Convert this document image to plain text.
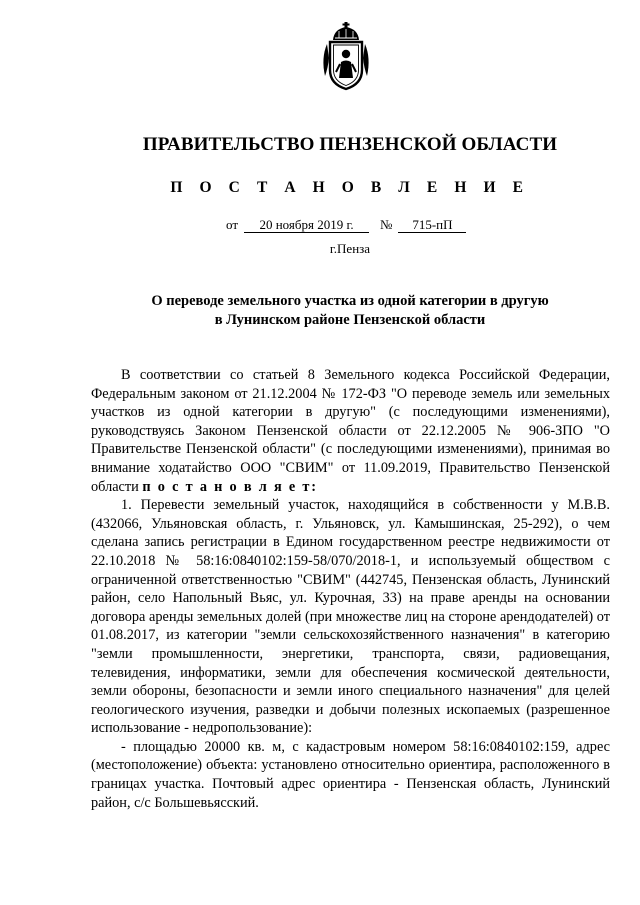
ПРАВИТЕЛЬСТВО ПЕНЗЕНСКОЙ ОБЛАСТИ
П О С Т А Н О В Л Е Н И Е
от 20 ноября 2019 г. № 715-пП
г.Пенза
О переводе земельного участка из одной категории в другую
в Лунинском районе Пензенской области

В соответствии со статьей 8 Земельного кодекса Российской Федерации, Федеральным законом от 21.12.2004 № 172-ФЗ "О переводе земель или земельных участков из одной категории в другую" (с последующими изменениями), руководствуясь Законом Пензенской области от 22.12.2005 № 906-ЗПО "О Правительстве Пензенской области" (с последующими изменениями), принимая во внимание ходатайство ООО "СВИМ" от 11.09.2019, Правительство Пензенской области п о с т а н о в л я е т:

1. Перевести земельный участок, находящийся в собственности у М.В.В. (432066, Ульяновская область, г. Ульяновск, ул. Камышинская, 25-292), о чем сделана запись регистрации в Едином государственном реестре недвижимости от 22.10.2018 № 58:16:0840102:159-58/070/2018-1, и используемый обществом с ограниченной ответственностью "СВИМ" (442745, Пензенская область, Лунинский район, село Напольный Вьяс, ул. Курочная, 33) на праве аренды на основании договора аренды земельных долей (при множестве лиц на стороне арендодателей) от 01.08.2017, из категории "земли сельскохозяйственного назначения" в категорию "земли промышленности, энергетики, транспорта, связи, радиовещания, телевидения, информатики, земли для обеспечения космической деятельности, земли обороны, безопасности и земли иного специального назначения" для целей геологического изучения, разведки и добычи полезных ископаемых (разрешенное использование - недропользование):

- площадью 20000 кв. м, с кадастровым номером 58:16:0840102:159, адрес (местоположение) объекта: установлено относительно ориентира, расположенного в границах участка. Почтовый адрес ориентира - Пензенская область, Лунинский район, с/с Большевьясский.
